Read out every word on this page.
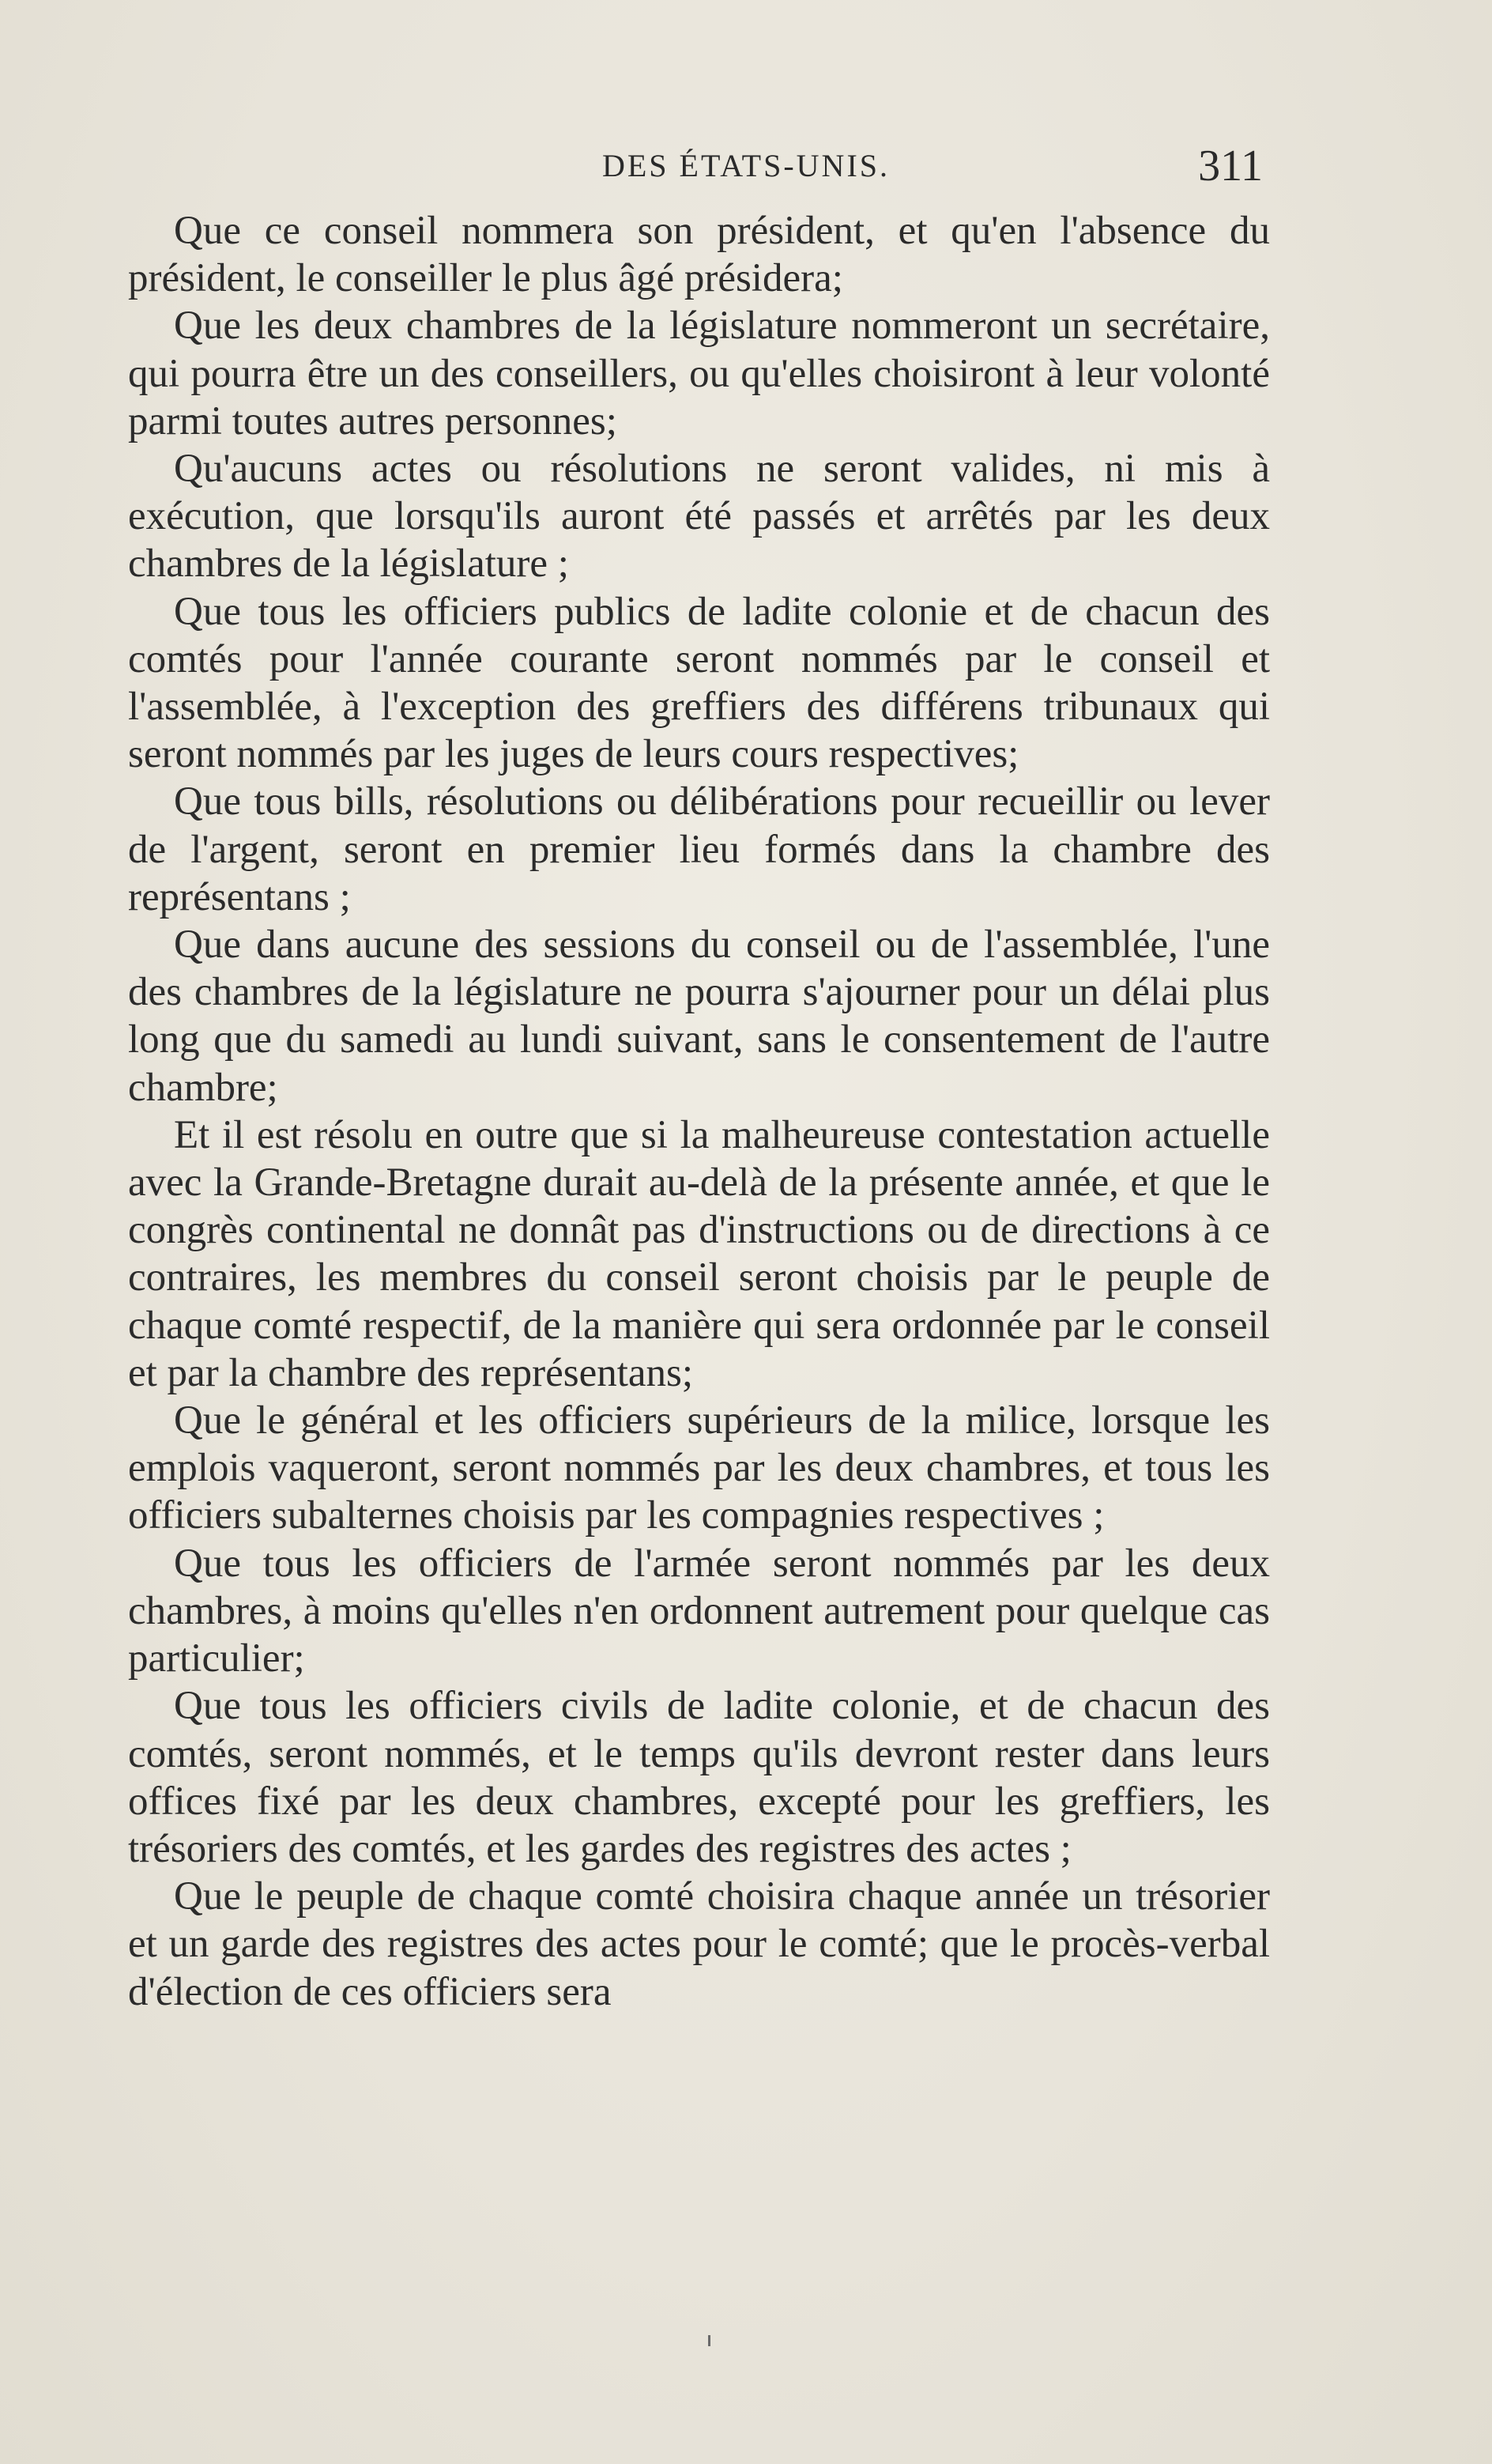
DES ÉTATS-UNIS.	311

Que ce conseil nommera son président, et qu'en l'absence du président, le conseiller le plus âgé présidera;

Que les deux chambres de la législature nommeront un secrétaire, qui pourra être un des conseillers, ou qu'elles choisiront à leur volonté parmi toutes autres personnes;

Qu'aucuns actes ou résolutions ne seront valides, ni mis à exécution, que lorsqu'ils auront été passés et arrêtés par les deux chambres de la législature ;

Que tous les officiers publics de ladite colonie et de chacun des comtés pour l'année courante seront nommés par le conseil et l'assemblée, à l'exception des greffiers des différens tribunaux qui seront nommés par les juges de leurs cours respectives;

Que tous bills, résolutions ou délibérations pour recueillir ou lever de l'argent, seront en premier lieu formés dans la chambre des représentans ;

Que dans aucune des sessions du conseil ou de l'assemblée, l'une des chambres de la législature ne pourra s'ajourner pour un délai plus long que du samedi au lundi suivant, sans le consentement de l'autre chambre;

Et il est résolu en outre que si la malheureuse contestation actuelle avec la Grande-Bretagne durait au-delà de la présente année, et que le congrès continental ne donnât pas d'instructions ou de directions à ce contraires, les membres du conseil seront choisis par le peuple de chaque comté respectif, de la manière qui sera ordonnée par le conseil et par la chambre des représentans;

Que le général et les officiers supérieurs de la milice, lorsque les emplois vaqueront, seront nommés par les deux chambres, et tous les officiers subalternes choisis par les compagnies respectives ;

Que tous les officiers de l'armée seront nommés par les deux chambres, à moins qu'elles n'en ordonnent autrement pour quelque cas particulier;

Que tous les officiers civils de ladite colonie, et de chacun des comtés, seront nommés, et le temps qu'ils devront rester dans leurs offices fixé par les deux chambres, excepté pour les greffiers, les trésoriers des comtés, et les gardes des registres des actes ;

Que le peuple de chaque comté choisira chaque année un trésorier et un garde des registres des actes pour le comté; que le procès-verbal d'élection de ces officiers sera
